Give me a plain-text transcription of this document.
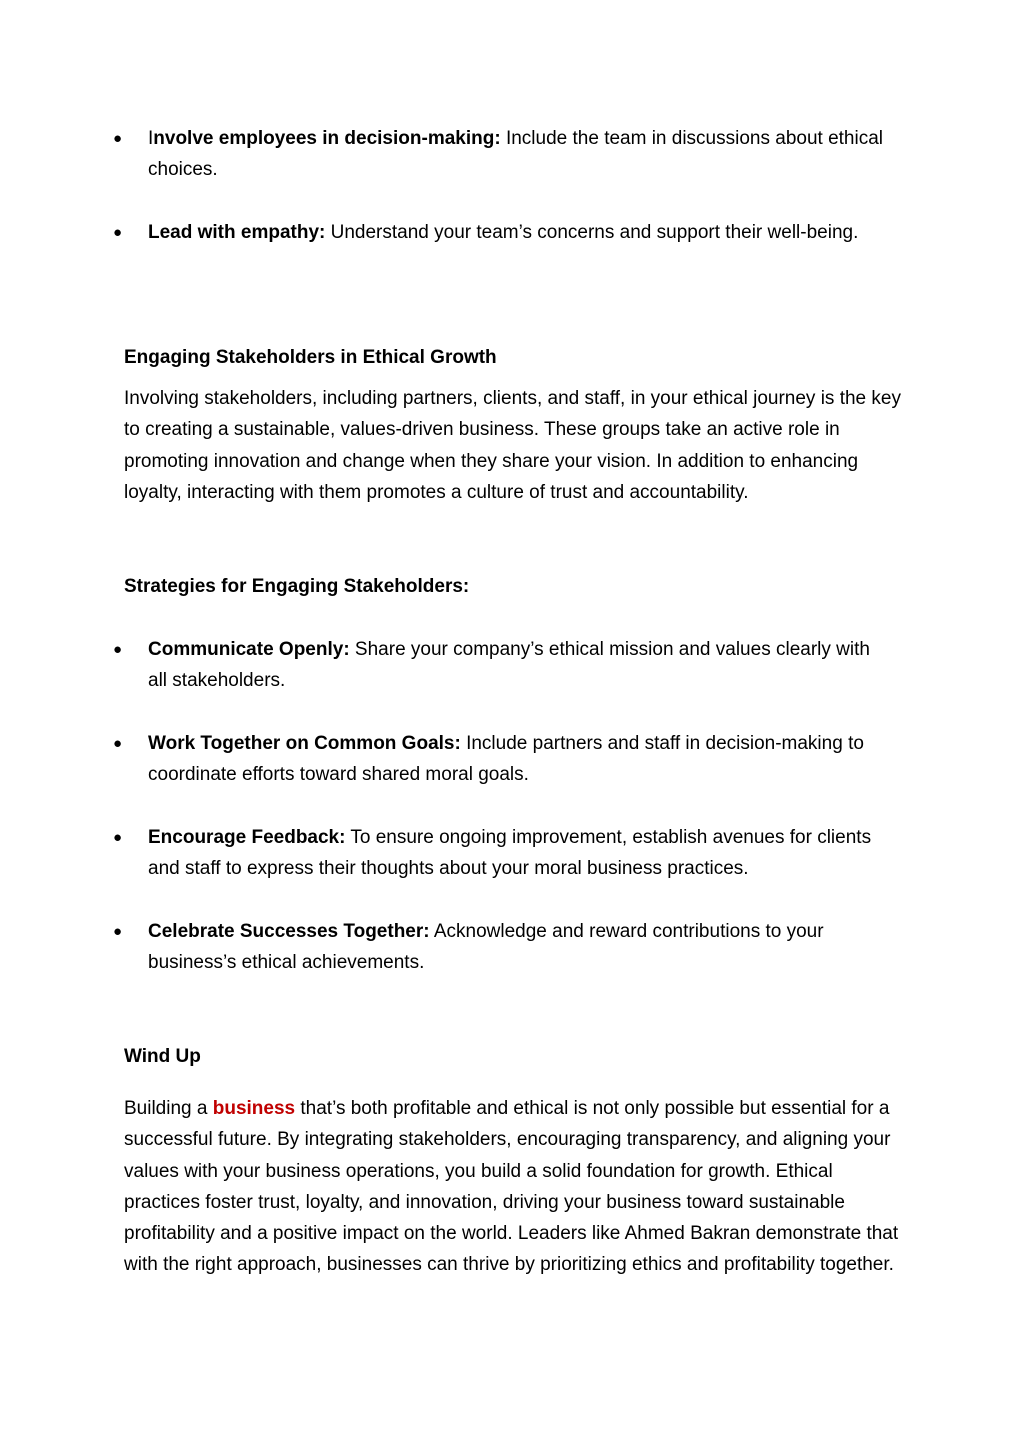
● Involve employees in decision-making: Include the team in discussions about ethical choices.
● Lead with empathy: Understand your team’s concerns and support their well-being.
Engaging Stakeholders in Ethical Growth
Involving stakeholders, including partners, clients, and staff, in your ethical journey is the key to creating a sustainable, values-driven business. These groups take an active role in promoting innovation and change when they share your vision. In addition to enhancing loyalty, interacting with them promotes a culture of trust and accountability.
Strategies for Engaging Stakeholders:
● Communicate Openly: Share your company’s ethical mission and values clearly with all stakeholders.
● Work Together on Common Goals: Include partners and staff in decision-making to coordinate efforts toward shared moral goals.
● Encourage Feedback: To ensure ongoing improvement, establish avenues for clients and staff to express their thoughts about your moral business practices.
● Celebrate Successes Together: Acknowledge and reward contributions to your business’s ethical achievements.
Wind Up
Building a business that’s both profitable and ethical is not only possible but essential for a successful future. By integrating stakeholders, encouraging transparency, and aligning your values with your business operations, you build a solid foundation for growth. Ethical practices foster trust, loyalty, and innovation, driving your business toward sustainable profitability and a positive impact on the world. Leaders like Ahmed Bakran demonstrate that with the right approach, businesses can thrive by prioritizing ethics and profitability together.
